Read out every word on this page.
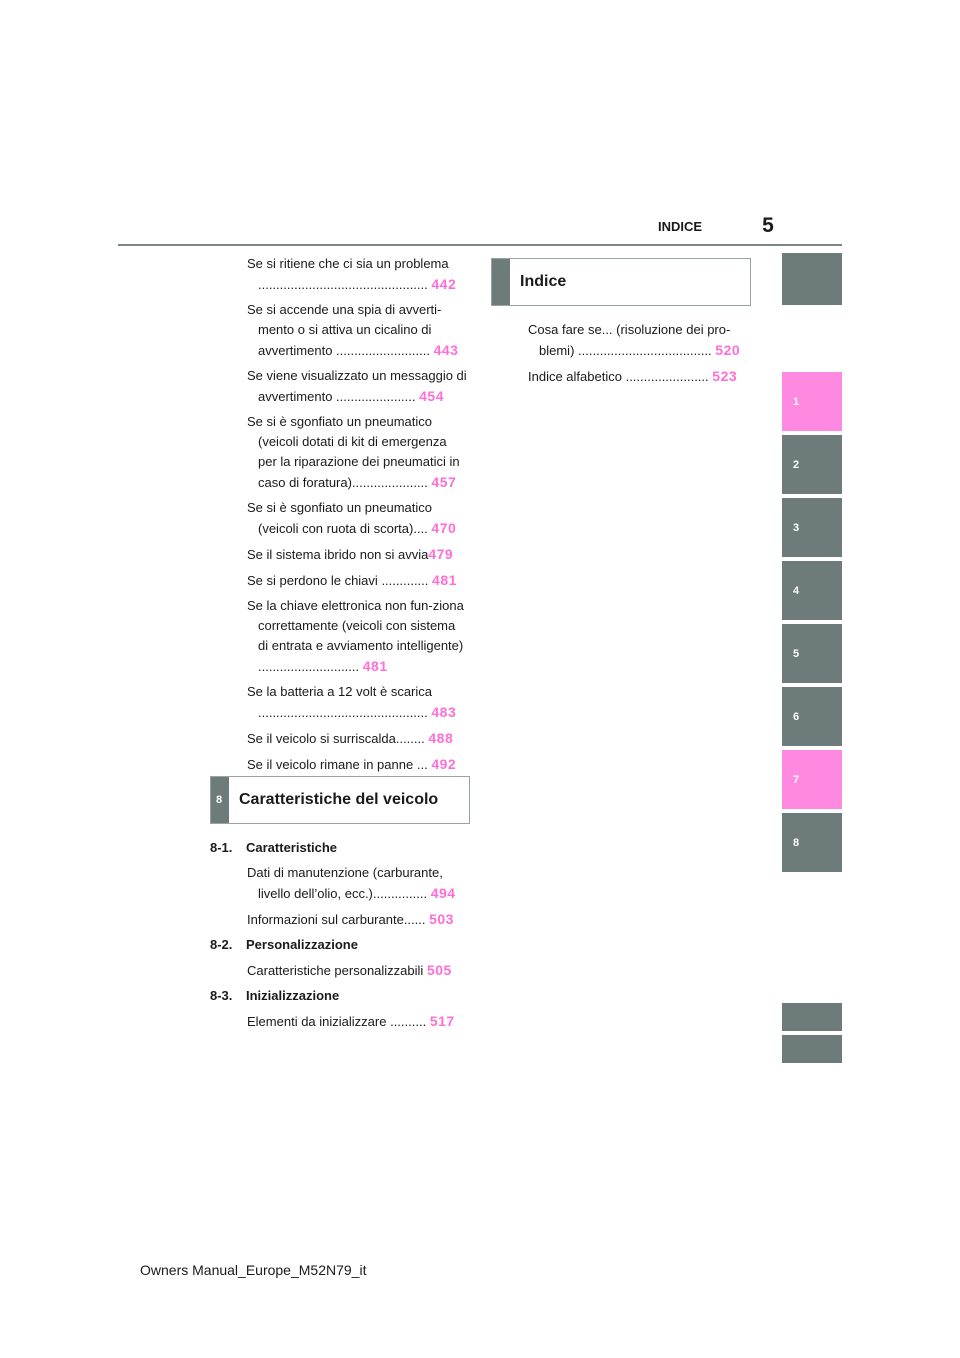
5
INDICE
1
2
3
4
5
6
7
8
Se si ritiene che ci sia un problema ............................................... 442
Se si accende una spia di avverti-mento o si attiva un cicalino di avvertimento .......................... 443
Se viene visualizzato un messaggio di avvertimento ...................... 454
Se si è sgonfiato un pneumatico (veicoli dotati di kit di emergenza per la riparazione dei pneumatici in caso di foratura)..................... 457
Se si è sgonfiato un pneumatico (veicoli con ruota di scorta).... 470
Se il sistema ibrido non si avvia479
Se si perdono le chiavi ............. 481
Se la chiave elettronica non fun-ziona correttamente (veicoli con sistema di entrata e avviamento intelligente) ............................ 481
Se la batteria a 12 volt è scarica ............................................... 483
Se il veicolo si surriscalda........ 488
Se il veicolo rimane in panne ... 492
8 Caratteristiche del veicolo
8-1. Caratteristiche
Dati di manutenzione (carburante, livello dell’olio, ecc.)............... 494
Informazioni sul carburante...... 503
8-2. Personalizzazione
Caratteristiche personalizzabili 505
8-3. Inizializzazione
Elementi da inizializzare .......... 517
Indice
Cosa fare se... (risoluzione dei pro-blemi) ..................................... 520
Indice alfabetico ....................... 523
Owners Manual_Europe_M52N79_it
